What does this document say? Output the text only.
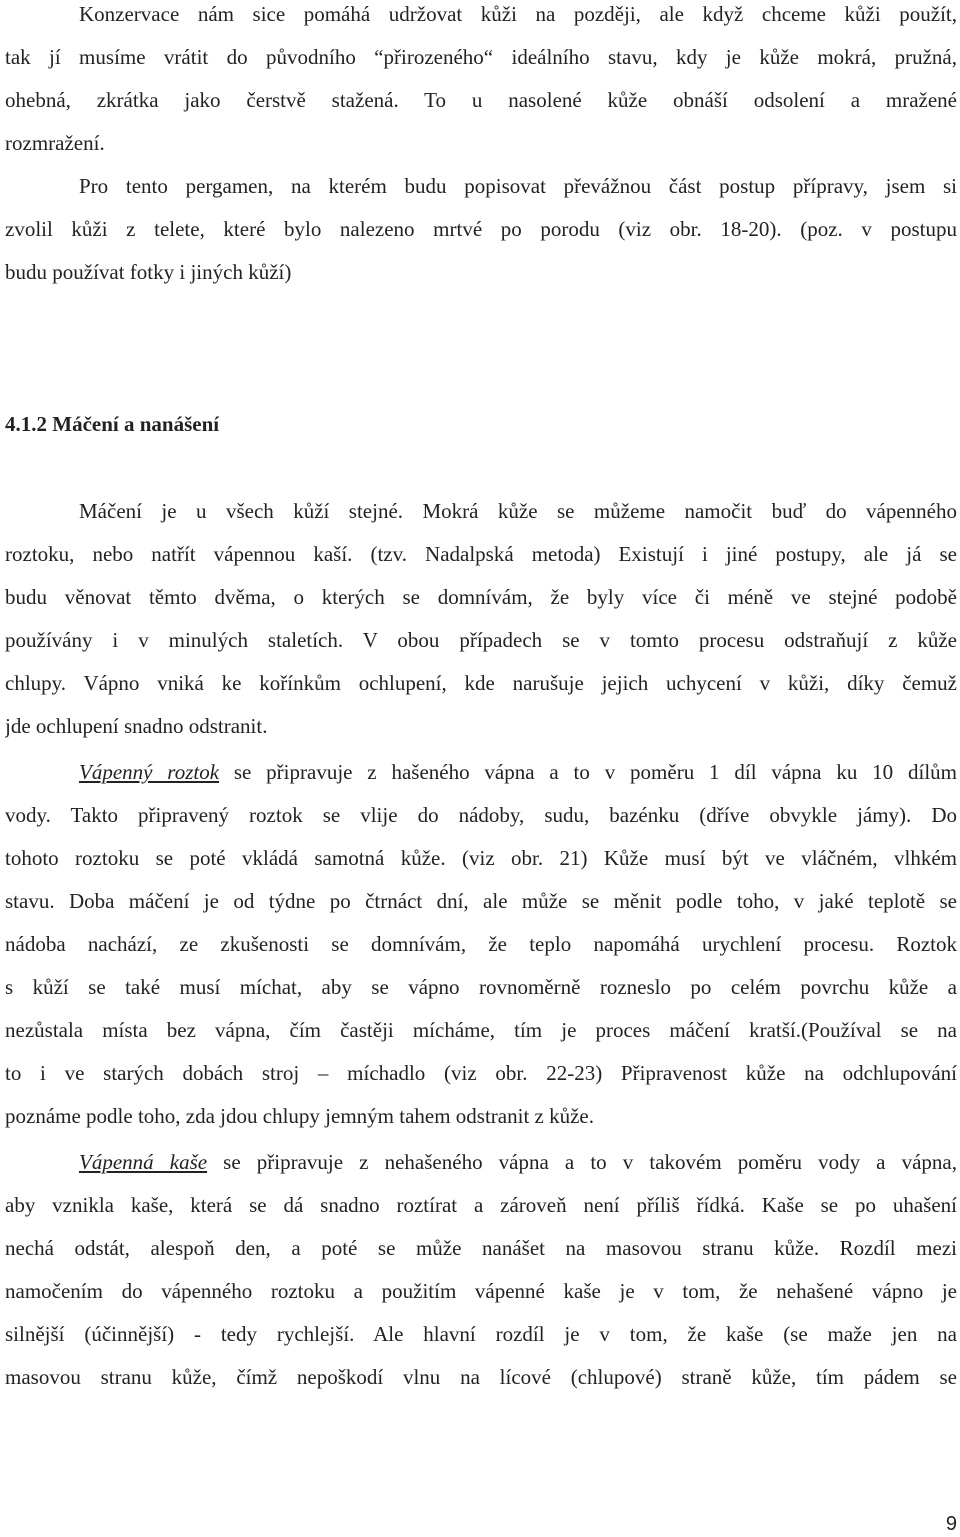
Konzervace nám sice pomáhá udržovat kůži na později, ale když chceme kůži použít,
tak jí musíme vrátit do původního “přirozeného“ ideálního stavu, kdy je kůže mokrá, pružná,
ohebná, zkrátka jako čerstvě stažená. To u nasolené kůže obnáší odsolení a mražené
rozmražení.
Pro tento pergamen, na kterém budu popisovat převážnou část postup přípravy, jsem si
zvolil kůži z telete, které bylo nalezeno mrtvé po porodu (viz obr. 18-20). (poz. v postupu
budu používat fotky i jiných kůží)
4.1.2 Máčení a nanášení
Máčení je u všech kůží stejné. Mokrá kůže se můžeme namočit buď do vápenného
roztoku, nebo natřít vápennou kaší. (tzv. Nadalpská metoda) Existují i jiné postupy, ale já se
budu věnovat těmto dvěma, o kterých se domnívám, že byly více či méně ve stejné podobě
používány i v minulých staletích. V obou případech se v tomto procesu odstraňují z kůže
chlupy. Vápno vniká ke kořínkům ochlupení, kde narušuje jejich uchycení v kůži, díky čemuž
jde ochlupení snadno odstranit.
Vápenný roztok se připravuje z hašeného vápna a to v poměru 1 díl vápna ku 10 dílům
vody. Takto připravený roztok se vlije do nádoby, sudu, bazénku (dříve obvykle jámy). Do
tohoto roztoku se poté vkládá samotná kůže. (viz obr. 21) Kůže musí být ve vláčném, vlhkém
stavu. Doba máčení je od týdne po čtrnáct dní, ale může se měnit podle toho, v jaké teplotě se
nádoba nachází, ze zkušenosti se domnívám, že teplo napomáhá urychlení procesu. Roztok
s kůží se také musí míchat, aby se vápno rovnoměrně rozneslo po celém povrchu kůže a
nezůstala místa bez vápna, čím častěji mícháme, tím je proces máčení kratší.(Používal se na
to i ve starých dobách stroj – míchadlo (viz obr. 22-23) Připravenost kůže na odchlupování
poznáme podle toho, zda jdou chlupy jemným tahem odstranit z kůže.
Vápenná kaše se připravuje z nehašeného vápna a to v takovém poměru vody a vápna,
aby vznikla kaše, která se dá snadno roztírat a zároveň není příliš řídká. Kaše se po uhašení
nechá odstát, alespoň den, a poté se může nanášet na masovou stranu kůže. Rozdíl mezi
namočením do vápenného roztoku a použitím vápenné kaše je v tom, že nehašené vápno je
silnější (účinnější) - tedy rychlejší. Ale hlavní rozdíl je v tom, že kaše (se maže jen na
masovou stranu kůže, čímž nepoškodí vlnu na lícové (chlupové) straně kůže, tím pádem se
9
